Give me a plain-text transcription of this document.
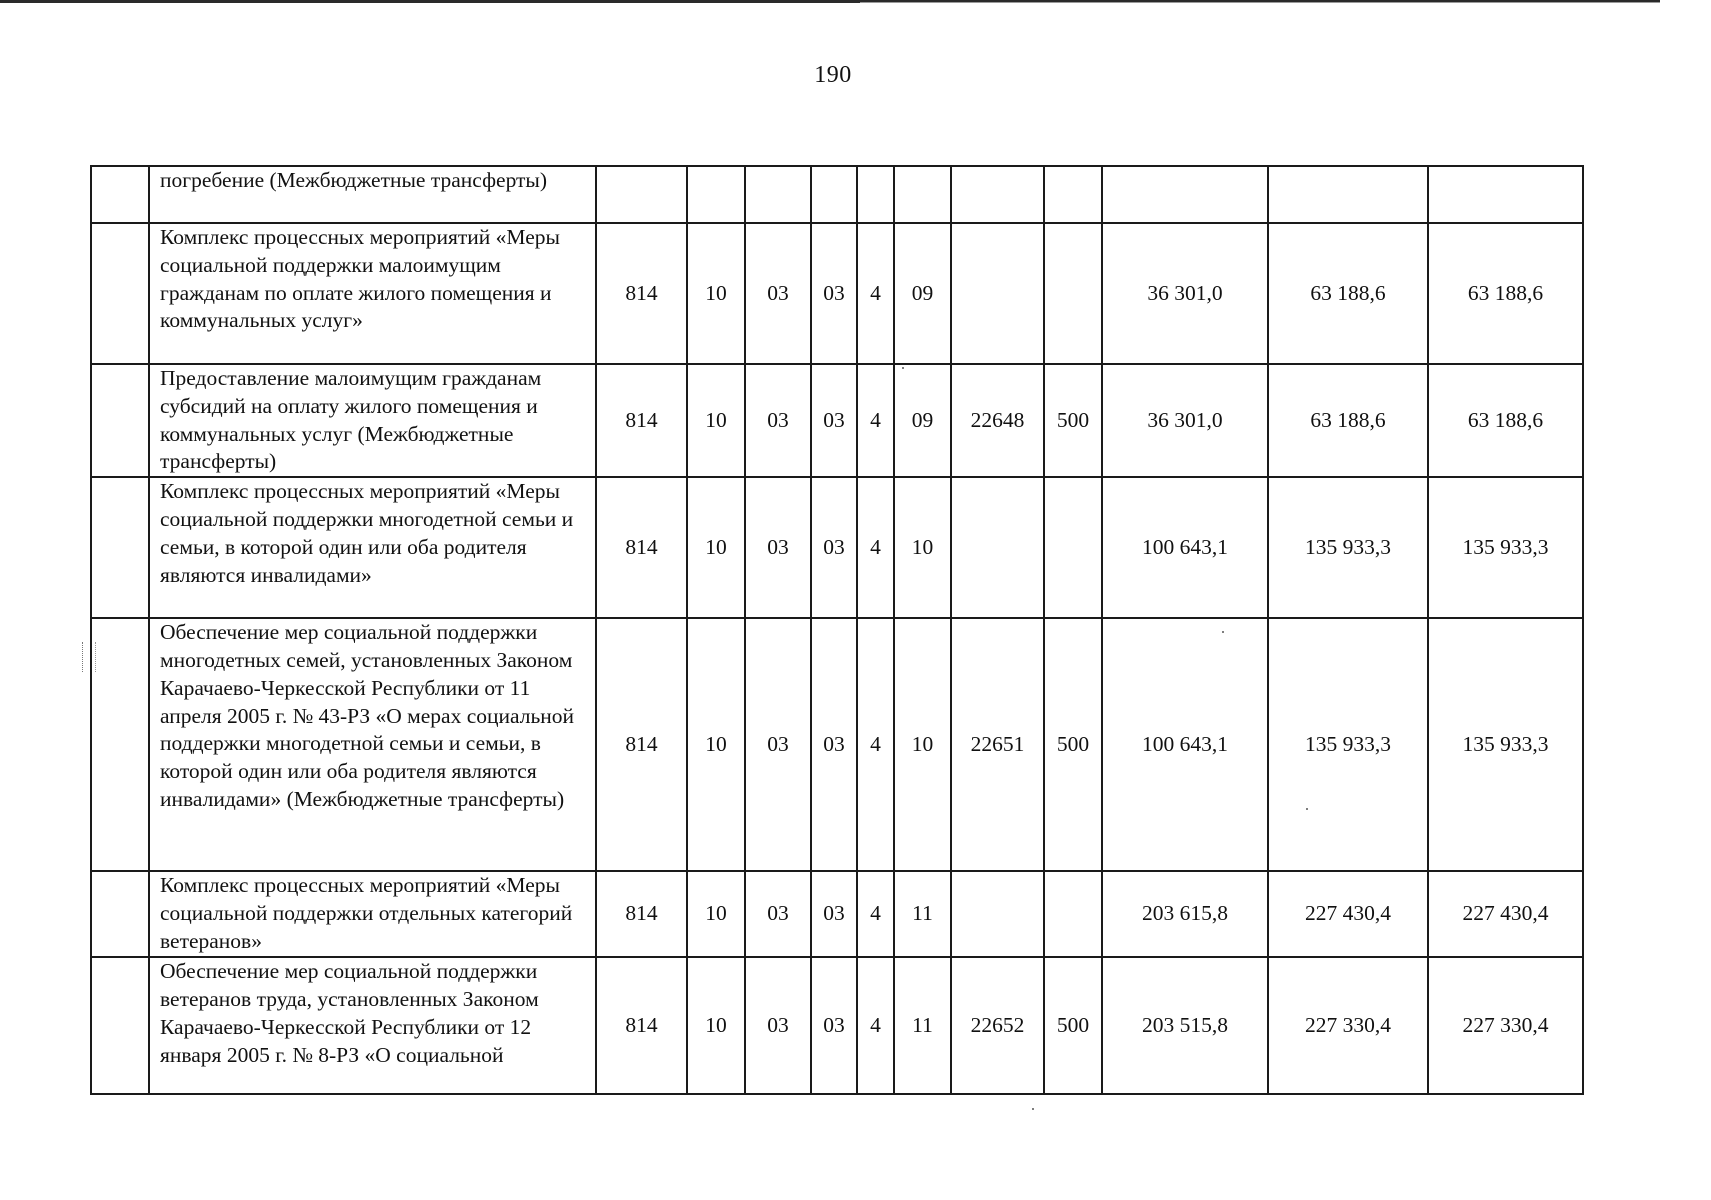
190
	погребение (Межбюджетные трансферты)											
	Комплекс процессных мероприятий «Меры социальной поддержки малоимущим гражданам по оплате жилого помещения и коммунальных услуг»	814	10	03	03	4	09			36 301,0	63 188,6	63 188,6
	Предоставление малоимущим гражданам субсидий на оплату жилого помещения и коммунальных услуг (Межбюджетные трансферты)	814	10	03	03	4	09	22648	500	36 301,0	63 188,6	63 188,6
	Комплекс процессных мероприятий «Меры социальной поддержки многодетной семьи и семьи, в которой один или оба родителя являются инвалидами»	814	10	03	03	4	10			100 643,1	135 933,3	135 933,3
	Обеспечение мер социальной поддержки многодетных семей, установленных Законом Карачаево-Черкесской Республики от 11 апреля 2005 г. № 43-РЗ «О мерах социальной поддержки многодетной семьи и семьи, в которой один или оба родителя являются инвалидами» (Межбюджетные трансферты)	814	10	03	03	4	10	22651	500	100 643,1	135 933,3	135 933,3
	Комплекс процессных мероприятий «Меры социальной поддержки отдельных категорий ветеранов»	814	10	03	03	4	11			203 615,8	227 430,4	227 430,4
	Обеспечение мер социальной поддержки ветеранов труда, установленных Законом Карачаево-Черкесской Республики от 12 января 2005 г. № 8-РЗ «О социальной	814	10	03	03	4	11	22652	500	203 515,8	227 330,4	227 330,4
